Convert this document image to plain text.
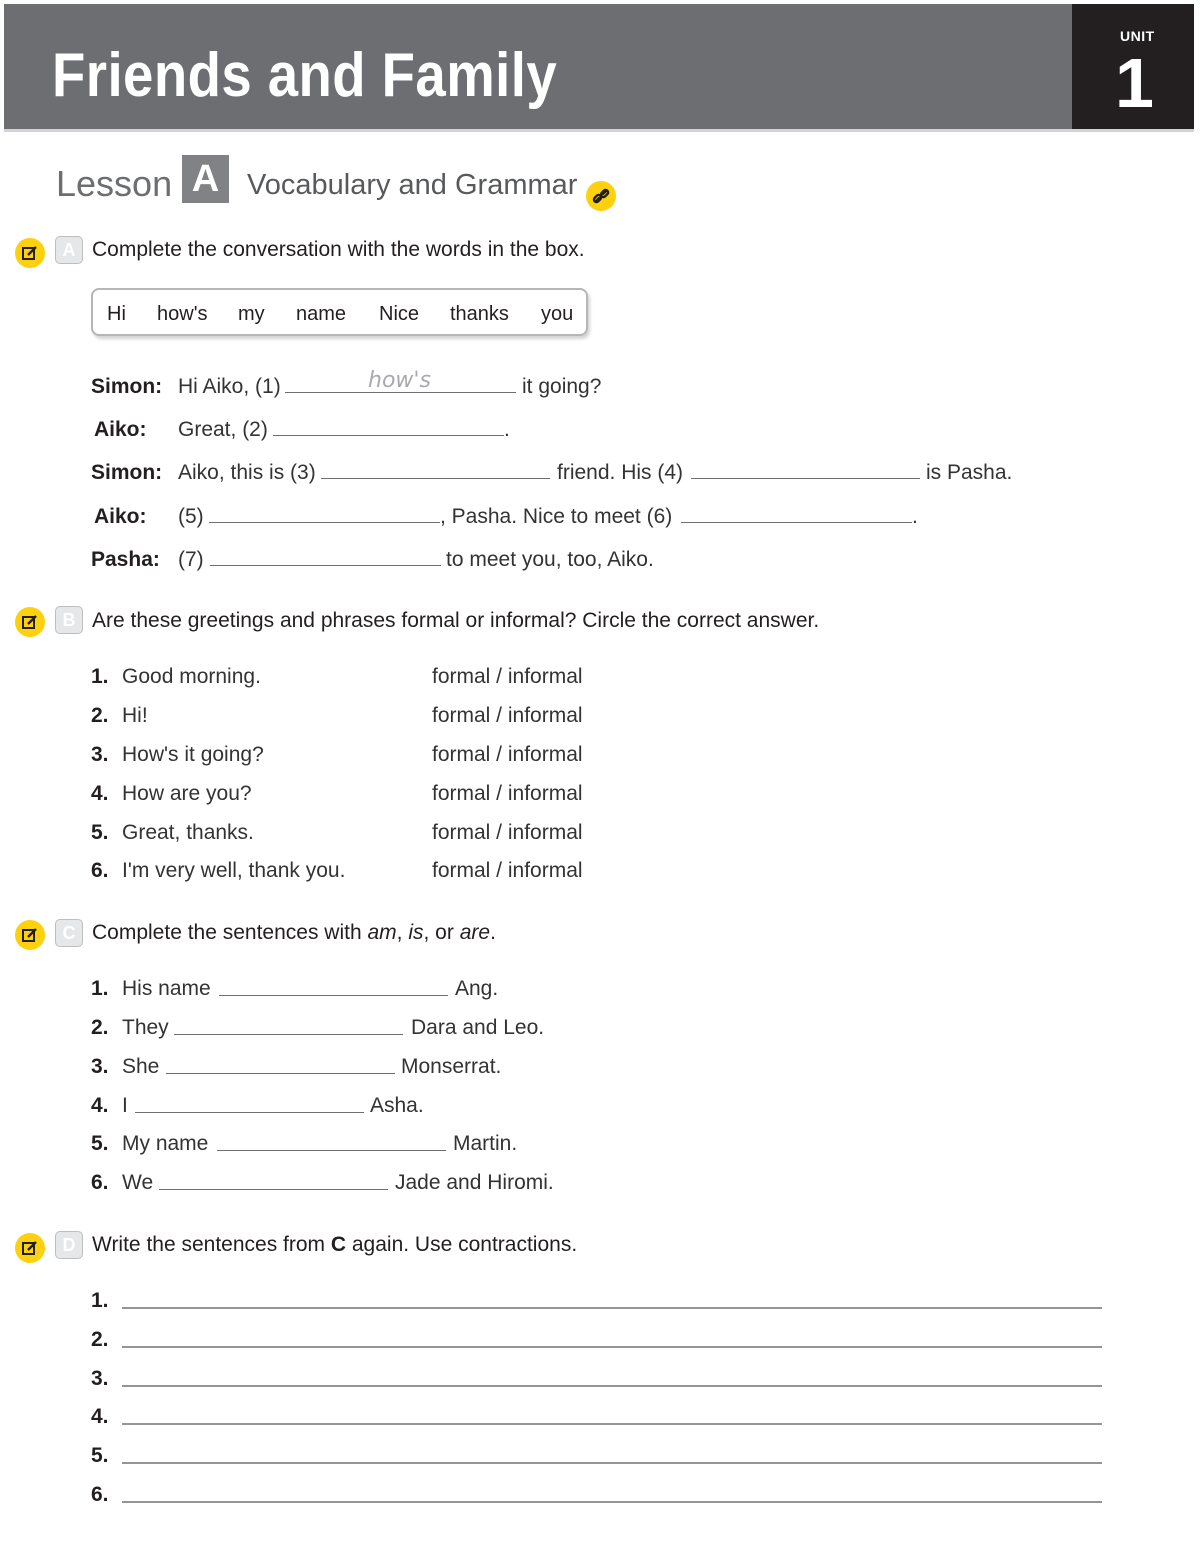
Friends and Family
UNIT
1
Lesson A Vocabulary and Grammar
A Complete the conversation with the words in the box.
Hi how's my name Nice thanks you
Simon: Hi Aiko, (1)	how's	it going?
Aiko: Great, (2)	.
Simon: Aiko, this is (3)	friend. His (4)	is Pasha.
Aiko: (5)	, Pasha. Nice to meet (6)	.
Pasha: (7)	to meet you, too, Aiko.
B Are these greetings and phrases formal or informal? Circle the correct answer.
1. Good morning.	formal / informal
2. Hi!	formal / informal
3. How's it going?	formal / informal
4. How are you?	formal / informal
5. Great, thanks.	formal / informal
6. I'm very well, thank you.	formal / informal
C Complete the sentences with am, is, or are.
1. His name	Ang.
2. They	Dara and Leo.
3. She	Monserrat.
4. I	Asha.
5. My name	Martin.
6. We	Jade and Hiromi.
D Write the sentences from C again. Use contractions.
1.
2.
3.
4.
5.
6.
